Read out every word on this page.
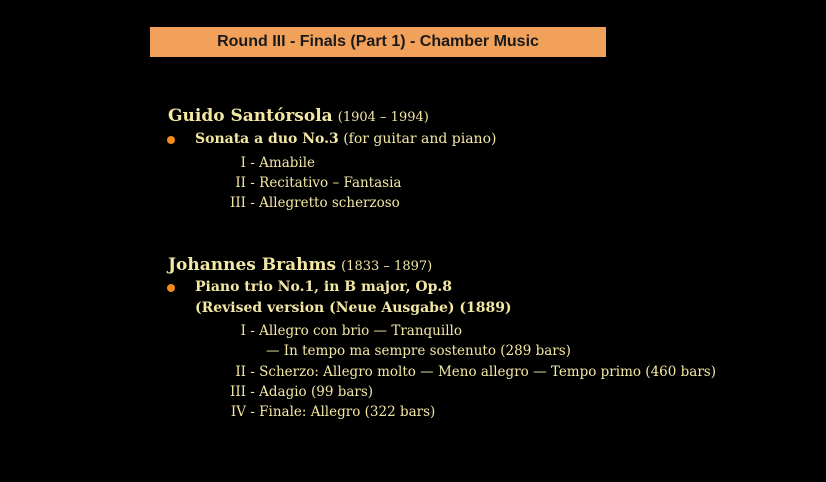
Round III - Finals (Part 1) - Chamber Music
Guido Santórsola (1904 – 1994)
Sonata a duo No.3 (for guitar and piano)
I - Amabile
II - Recitativo – Fantasia
III - Allegretto scherzoso
Johannes Brahms (1833 – 1897)
Piano trio No.1, in B major, Op.8
(Revised version (Neue Ausgabe) (1889)
I - Allegro con brio — Tranquillo
— In tempo ma sempre sostenuto (289 bars)
II - Scherzo: Allegro molto — Meno allegro — Tempo primo (460 bars)
III - Adagio (99 bars)
IV - Finale: Allegro (322 bars)
